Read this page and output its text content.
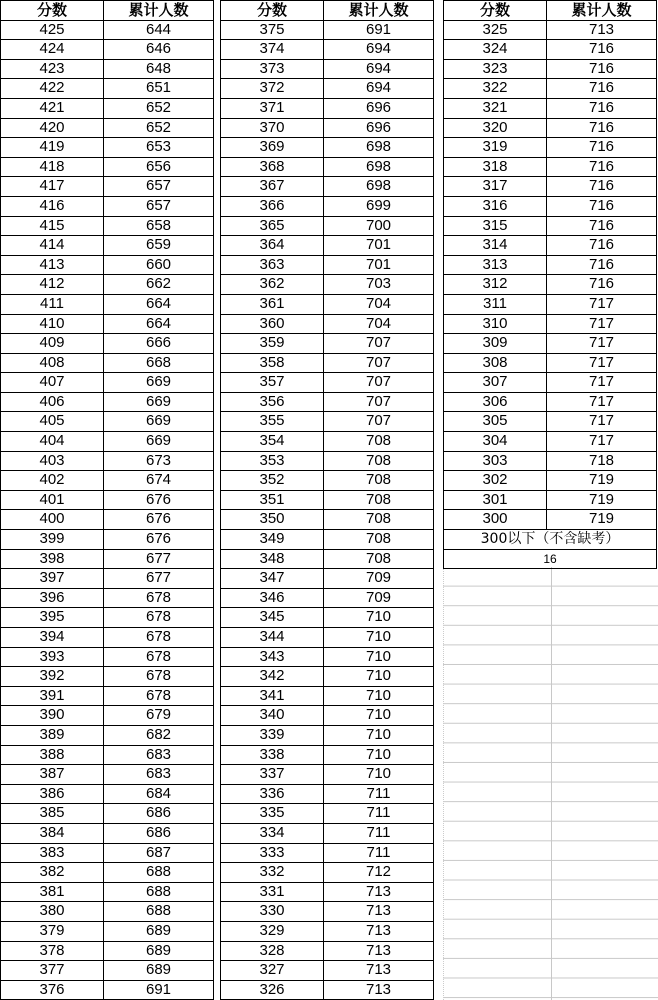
分数	累计人数
425	644
424	646
423	648
422	651
421	652
420	652
419	653
418	656
417	657
416	657
415	658
414	659
413	660
412	662
411	664
410	664
409	666
408	668
407	669
406	669
405	669
404	669
403	673
402	674
401	676
400	676
399	676
398	677
397	677
396	678
395	678
394	678
393	678
392	678
391	678
390	679
389	682
388	683
387	683
386	684
385	686
384	686
383	687
382	688
381	688
380	688
379	689
378	689
377	689
376	691
分数	累计人数
375	691
374	694
373	694
372	694
371	696
370	696
369	698
368	698
367	698
366	699
365	700
364	701
363	701
362	703
361	704
360	704
359	707
358	707
357	707
356	707
355	707
354	708
353	708
352	708
351	708
350	708
349	708
348	708
347	709
346	709
345	710
344	710
343	710
342	710
341	710
340	710
339	710
338	710
337	710
336	711
335	711
334	711
333	711
332	712
331	713
330	713
329	713
328	713
327	713
326	713
分数	累计人数
325	713
324	716
323	716
322	716
321	716
320	716
319	716
318	716
317	716
316	716
315	716
314	716
313	716
312	716
311	717
310	717
309	717
308	717
307	717
306	717
305	717
304	717
303	718
302	719
301	719
300	719
300以下（不含缺考）	
16	
